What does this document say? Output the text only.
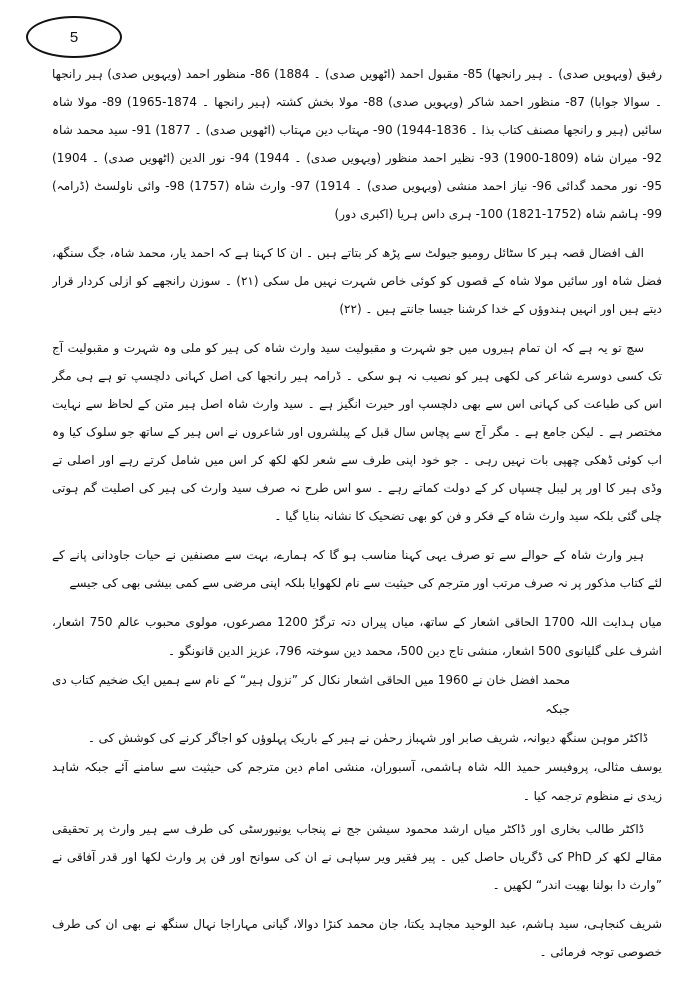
5

رفیق (ویہویں صدی) ۔ ہیر رانجھا) 85- مقبول احمد (اٹھویں صدی) ۔ 1884) 86- منظور احمد (ویہویں صدی) ہیر رانجھا ۔ سوالا جوابا) 87- منظور احمد شاکر (ویہویں صدی) 88- مولا بخش کشتہ (ہیر رانجھا ۔ 1874-1965) 89- مولا شاہ سائیں (ہیر و رانجھا مصنف کتاب بذا ۔ 1836-1944) 90- مہتاب دین مہتاب (اٹھویں صدی) ۔ 1877) 91- سید محمد شاہ 92- میران شاہ (1809-1900) 93- نظیر احمد منظور (ویہویں صدی) ۔ 1944) 94- نور الدین (اٹھویں صدی) ۔ 1904) 95- نور محمد گدائی 96- نیاز احمد منشی (ویہویں صدی) ۔ 1914) 97- وارث شاہ (1757) 98- وائی ناولسٹ (ڈرامہ) 99- ہاشم شاہ (1752-1821) 100- ہری داس ہریا (اکبری دور)

الف افضال قصہ ہیر کا سٹائل رومیو جیولٹ سے پڑھ کر بتاتے ہیں ۔ ان کا کہنا ہے کہ احمد یار، محمد شاہ، جگ سنگھ، فضل شاہ اور سائیں مولا شاہ کے قصوں کو کوئی خاص شہرت نہیں مل سکی (۲۱) ۔ سوزن رانجھے کو ازلی کردار قرار دیتے ہیں اور انہیں ہندوؤں کے خدا کرشنا جیسا جانتے ہیں ۔ (۲۲)

سچ تو یہ ہے کہ ان تمام ہیروں میں جو شہرت و مقبولیت سید وارث شاہ کی ہیر کو ملی وہ شہرت و مقبولیت آج تک کسی دوسرے شاعر کی لکھی ہیر کو نصیب نہ ہو سکی ۔ ڈرامہ ہیر رانجھا کی اصل کہانی دلچسپ تو ہے ہی مگر اس کی طباعت کی کہانی اس سے بھی دلچسپ اور حیرت انگیز ہے ۔ سید وارث شاہ اصل ہیر متن کے لحاظ سے نہایت مختصر ہے ۔ لیکن جامع ہے ۔ مگر آج سے پچاس سال قبل کے پبلشروں اور شاعروں نے اس ہیر کے ساتھ جو سلوک کیا وہ اب کوئی ڈھکی چھپی بات نہیں رہی ۔ جو خود اپنی طرف سے شعر لکھ لکھ کر اس میں شامل کرتے رہے اور اصلی تے وڈی ہیر کا اور پر لیبل چسپاں کر کے دولت کماتے رہے ۔ سو اس طرح نہ صرف سید وارث کی ہیر کی اصلیت گم ہوتی چلی گئی بلکہ سید وارث شاہ کے فکر و فن کو بھی تضحیک کا نشانہ بنایا گیا ۔

ہیر وارث شاہ کے حوالے سے تو صرف یہی کہنا مناسب ہو گا کہ ہمارے، بہت سے مصنفین نے حیات جاودانی پانے کے لئے کتاب مذکور پر نہ صرف مرتب اور مترجم کی حیثیت سے نام لکھوایا بلکہ اپنی مرضی سے کمی بیشی بھی کی جیسے

میاں ہدایت اللہ 1700 الحاقی اشعار کے ساتھ، میاں پیراں دتہ ترگڑ 1200 مصرعوں، مولوی محبوب عالم 750 اشعار، اشرف علی گلیانوی 500 اشعار، منشی تاج دین 500، محمد دین سوختہ 796، عزیز الدین قانونگو ۔

محمد افضل خان نے 1960 میں الحاقی اشعار نکال کر ”نزول ہیر“ کے نام سے ہمیں ایک ضخیم کتاب دی جبکہ

ڈاکٹر موہن سنگھ دیوانہ، شریف صابر اور شہباز رحمٰن نے ہیر کے باریک پہلوؤں کو اجاگر کرنے کی کوشش کی ۔

یوسف مثالی، پروفیسر حمید اللہ شاہ ہاشمی، آسبوران، منشی امام دین مترجم کی حیثیت سے سامنے آئے جبکہ شاہد زیدی نے منظوم ترجمہ کیا ۔

ڈاکٹر طالب بخاری اور ڈاکٹر میاں ارشد محمود سیشن جج نے پنجاب یونیورسٹی کی طرف سے ہیر وارث پر تحقیقی مقالے لکھ کر PhD کی ڈگریاں حاصل کیں ۔ پیر فقیر ویر سپاہی نے ان کی سوانح اور فن پر وارث لکھا اور قدر آفاقی نے ”وارث دا بولنا بھیت اندر“ لکھیں ۔

شریف کنجاہی، سید ہاشم، عبد الوحید مجاہد یکتا، جان محمد کنڑا دوالا، گیانی مہاراجا نہال سنگھ نے بھی ان کی طرف خصوصی توجہ فرمائی ۔
